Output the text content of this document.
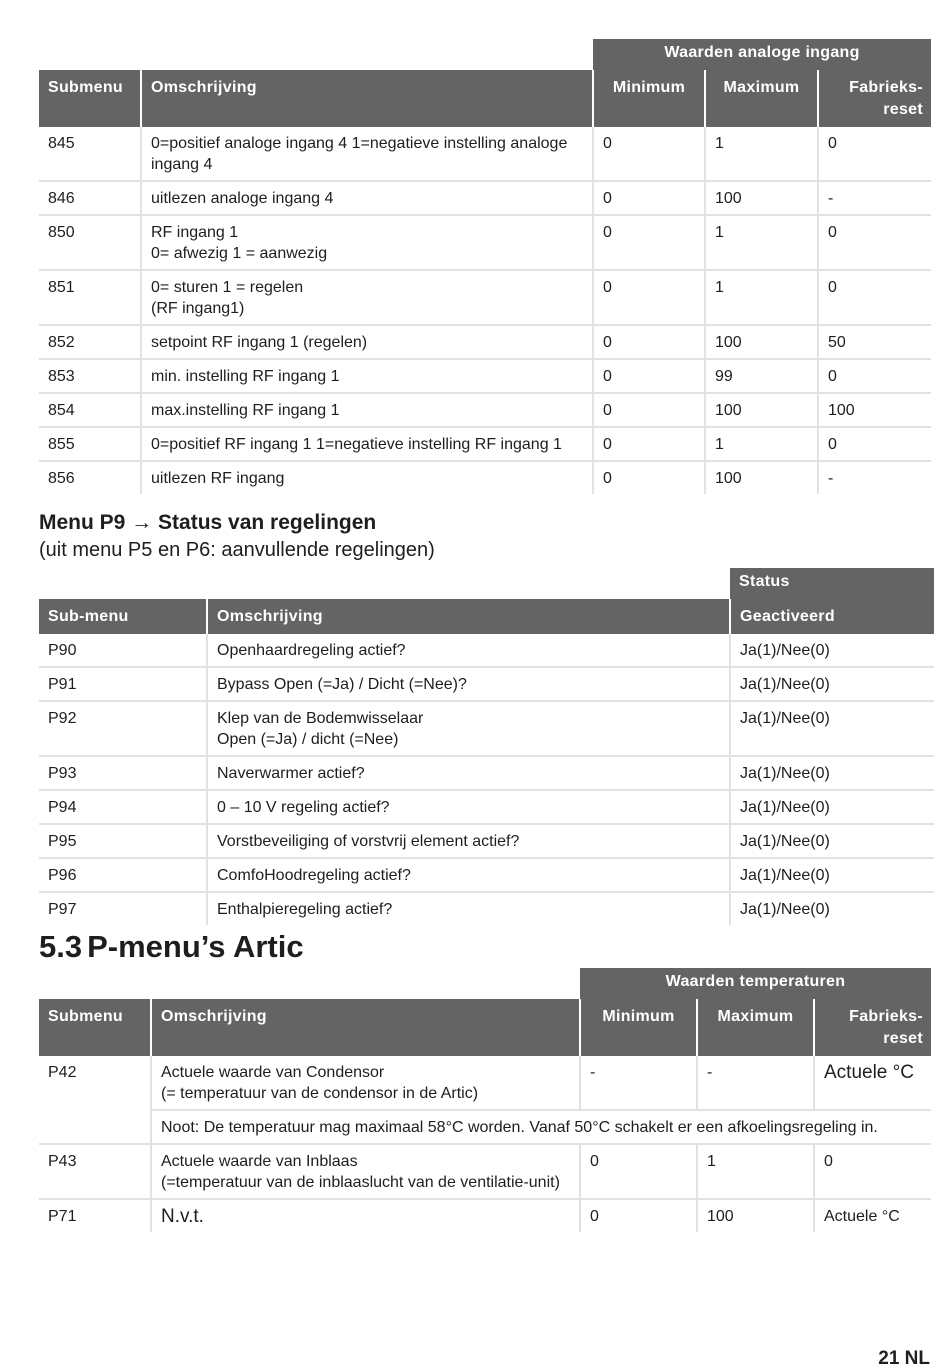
		Waarden analoge ingang		
Submenu	Omschrijving	Minimum	Maximum	Fabrieks-
reset
845	0=positief analoge ingang 4 1=negatieve instelling analoge ingang 4	0	1	0
846	uitlezen analoge ingang 4	0	100	-
850	RF ingang 1
0= afwezig 1 = aanwezig	0	1	0
851	0= sturen 1 = regelen
(RF ingang1)	0	1	0
852	setpoint RF ingang 1 (regelen)	0	100	50
853	min. instelling RF ingang 1	0	99	0
854	max.instelling RF ingang 1	0	100	100
855	0=positief RF ingang 1 1=negatieve instelling RF ingang 1	0	1	0
856	uitlezen RF ingang	0	100	-
Menu P9 → Status van regelingen

(uit menu P5 en P6: aanvullende regelingen)

		Status
Sub-menu	Omschrijving	Geactiveerd
P90	Openhaardregeling actief?	Ja(1)/Nee(0)
P91	Bypass Open (=Ja) / Dicht (=Nee)?	Ja(1)/Nee(0)
P92	Klep van de Bodemwisselaar
Open (=Ja) / dicht (=Nee)	Ja(1)/Nee(0)
P93	Naverwarmer actief?	Ja(1)/Nee(0)
P94	0 – 10 V regeling actief?	Ja(1)/Nee(0)
P95	Vorstbeveiliging of vorstvrij element actief?	Ja(1)/Nee(0)
P96	ComfoHoodregeling actief?	Ja(1)/Nee(0)
P97	Enthalpieregeling actief?	Ja(1)/Nee(0)
5.3 P-menu’s Artic
		Waarden temperaturen		
Submenu	Omschrijving	Minimum	Maximum	Fabrieks-
reset
P42	Actuele waarde van Condensor
(= temperatuur van de condensor in de Artic)	-	-	Actuele °C
	Noot: De temperatuur mag maximaal 58°C worden. Vanaf 50°C schakelt er een afkoelingsregeling in.			
P43	Actuele waarde van Inblaas
(=temperatuur van de inblaaslucht van de ventilatie-unit)	0	1	0
P71	N.v.t.	0	100	Actuele °C
21 NL
